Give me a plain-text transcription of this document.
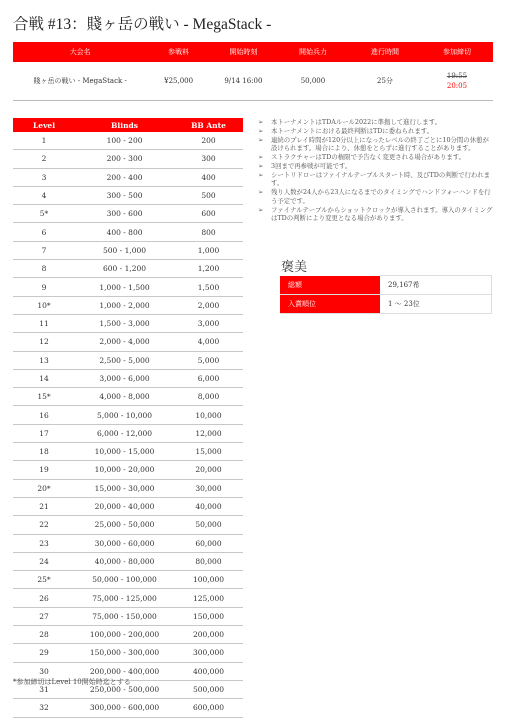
合戦 #13：賤ヶ岳の戦い - MegaStack -
大会名	参戦料	開始時刻	開始兵力	進行時間	参加締切
賤ヶ岳の戦い - MegaStack -	¥25,000	9/14 16:00	50,000	25分	19:55
20:05
Level	Blinds	BB Ante
1	100 - 200	200
2	200 - 300	300
3	200 - 400	400
4	300 - 500	500
5*	300 - 600	600
6	400 - 800	800
7	500 - 1,000	1,000
8	600 - 1,200	1,200
9	1,000 - 1,500	1,500
10*	1,000 - 2,000	2,000
11	1,500 - 3,000	3,000
12	2,000 - 4,000	4,000
13	2,500 - 5,000	5,000
14	3,000 - 6,000	6,000
15*	4,000 - 8,000	8,000
16	5,000 - 10,000	10,000
17	6,000 - 12,000	12,000
18	10,000 - 15,000	15,000
19	10,000 - 20,000	20,000
20*	15,000 - 30,000	30,000
21	20,000 - 40,000	40,000
22	25,000 - 50,000	50,000
23	30,000 - 60,000	60,000
24	40,000 - 80,000	80,000
25*	50,000 - 100,000	100,000
26	75,000 - 125,000	125,000
27	75,000 - 150,000	150,000
28	100,000 - 200,000	200,000
29	150,000 - 300,000	300,000
30	200,000 - 400,000	400,000
31	250,000 - 500,000	500,000
32	300,000 - 600,000	600,000
*参加締切はLevel 10開始時迄とする
➢ 本トーナメントはTDAルール2022に準拠して進行します。
➢ 本トーナメントにおける最終判断はTDに委ねられます。
➢ 連続のプレイ時間が120分以上になったレベルの終了ごとに10分間の休憩が設けられます。場合により、休憩をとらずに進行することがあります。
➢ ストラクチャーはTDの権限で予告なく変更される場合があります。
➢ 3回まで再参戦が可能です。
➢ シートリドローはファイナルテーブルスタート時、及びTDの判断で行われます。
➢ 残り人数が24人から23人になるまでのタイミングでハンドフォーハンドを行う予定です。
➢ ファイナルテーブルからショットクロックが導入されます。導入のタイミングはTDの判断により変更となる場合があります。
褒美
総額	29,167希
入賞順位	1 ～ 23位
